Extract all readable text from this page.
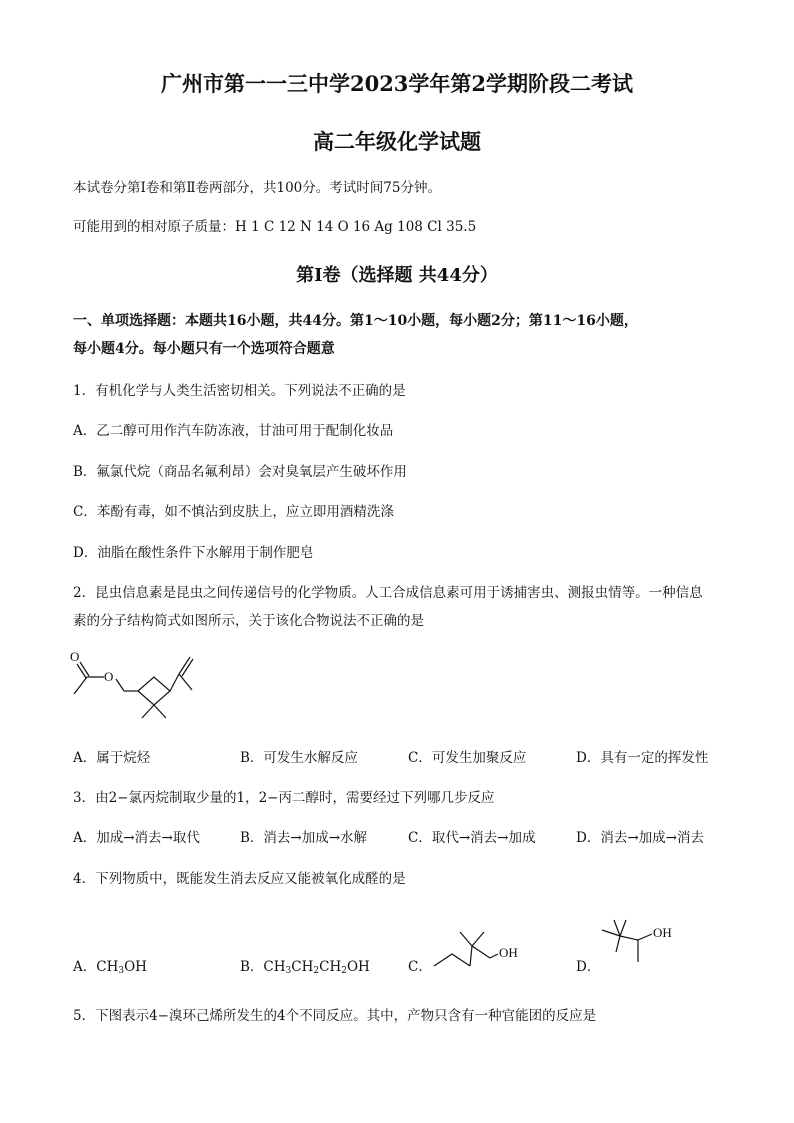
广州市第一一三中学2023学年第2学期阶段二考试
高二年级化学试题
本试卷分第Ⅰ卷和第Ⅱ卷两部分，共100分。考试时间75分钟。
可能用到的相对原子质量：H 1 C 12 N 14 O 16 Ag 108 Cl 35.5
第Ⅰ卷（选择题 共44分）
一、单项选择题：本题共16小题，共44分。第1～10小题，每小题2分；第11～16小题，
每小题4分。每小题只有一个选项符合题意
1．有机化学与人类生活密切相关。下列说法不正确的是
A．乙二醇可用作汽车防冻液，甘油可用于配制化妆品
B．氟氯代烷（商品名氟利昂）会对臭氧层产生破坏作用
C．苯酚有毒，如不慎沾到皮肤上，应立即用酒精洗涤
D．油脂在酸性条件下水解用于制作肥皂
2．昆虫信息素是昆虫之间传递信号的化学物质。人工合成信息素可用于诱捕害虫、测报虫情等。一种信息
素的分子结构简式如图所示，关于该化合物说法不正确的是
O
O
A．属于烷烃	B．可发生水解反应	C．可发生加聚反应	D．具有一定的挥发性
3．由2−氯丙烷制取少量的1，2−丙二醇时，需要经过下列哪几步反应
A．加成→消去→取代	B．消去→加成→水解	C．取代→消去→加成	D．消去→加成→消去
4．下列物质中，既能发生消去反应又能被氧化成醛的是
A．$CH_3OH$	B．$CH_3CH_2CH_2OH$	C．
OH
D．
OH
5．下图表示4−溴环己烯所发生的4个不同反应。其中，产物只含有一种官能团的反应是
